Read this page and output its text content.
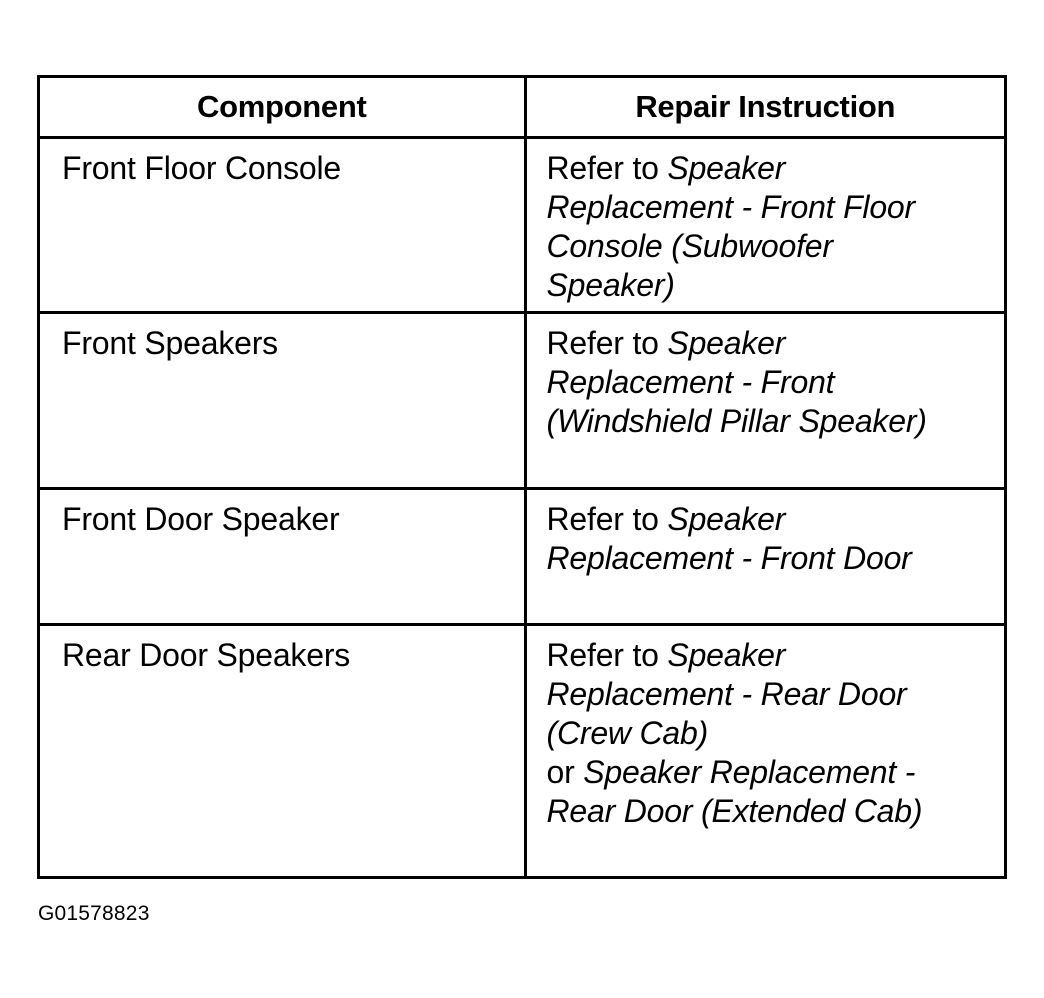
Component	Repair Instruction

Front Floor Console	Refer to Speaker
Replacement - Front Floor
Console (Subwoofer
Speaker)

Front Speakers	Refer to Speaker
Replacement - Front
(Windshield Pillar Speaker)

Front Door Speaker	Refer to Speaker
Replacement - Front Door

Rear Door Speakers	Refer to Speaker
Replacement - Rear Door
(Crew Cab)
or Speaker Replacement -
Rear Door (Extended Cab)
G01578823
